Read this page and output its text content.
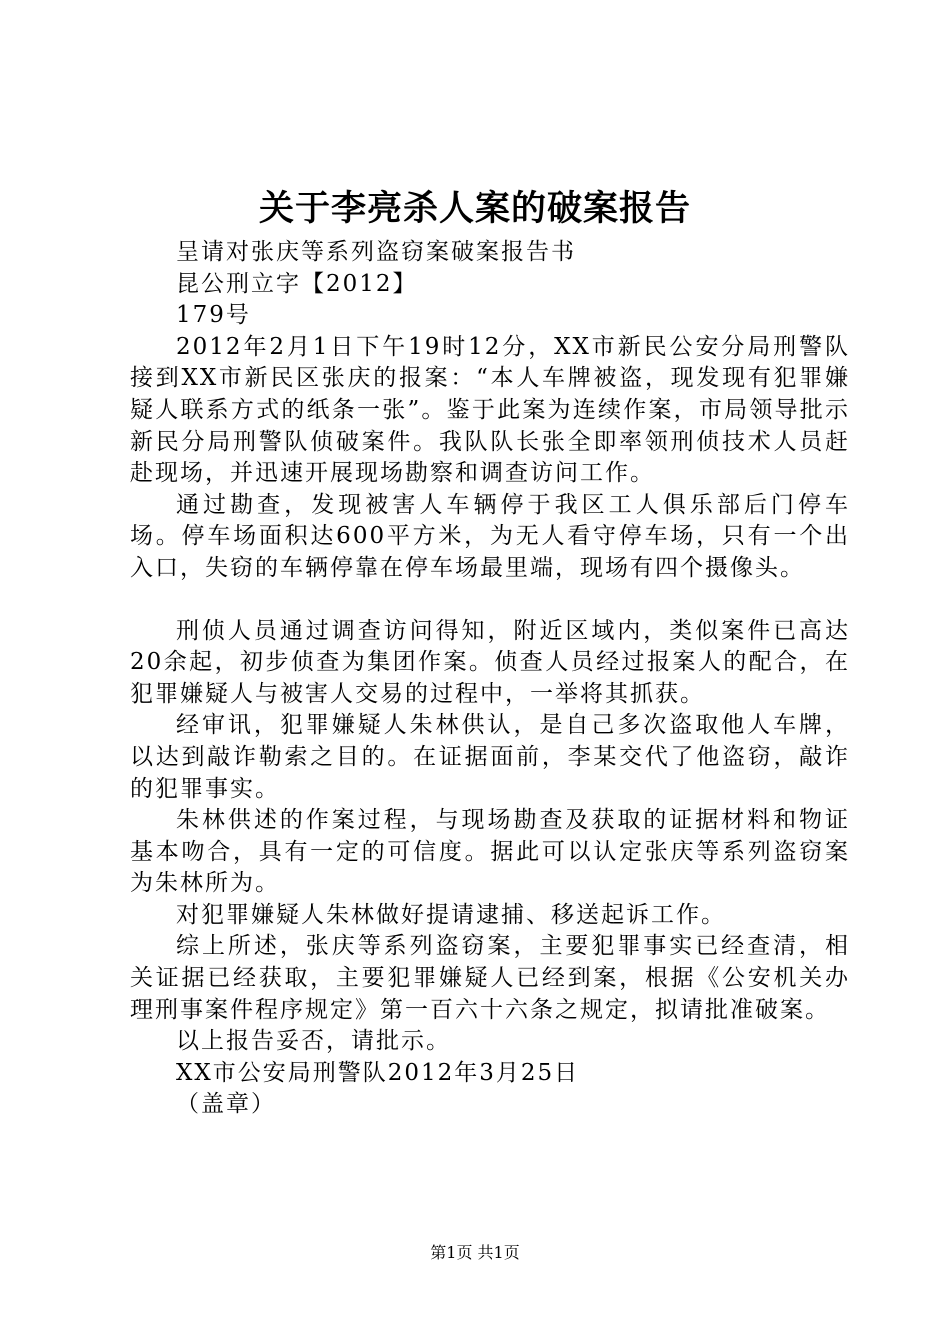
关于李亮杀人案的破案报告

呈请对张庆等系列盗窃案破案报告书

昆公刑立字【2012】

179号

2012年2月1日下午19时12分，XX市新民公安分局刑警队接到XX市新民区张庆的报案：“本人车牌被盗，现发现有犯罪嫌疑人联系方式的纸条一张”。鉴于此案为连续作案，市局领导批示新民分局刑警队侦破案件。我队队长张全即率领刑侦技术人员赶赴现场，并迅速开展现场勘察和调查访问工作。

通过勘查，发现被害人车辆停于我区工人俱乐部后门停车场。停车场面积达600平方米，为无人看守停车场，只有一个出入口，失窃的车辆停靠在停车场最里端，现场有四个摄像头。

刑侦人员通过调查访问得知，附近区域内，类似案件已高达20余起，初步侦查为集团作案。侦查人员经过报案人的配合，在犯罪嫌疑人与被害人交易的过程中，一举将其抓获。

经审讯，犯罪嫌疑人朱林供认，是自己多次盗取他人车牌，以达到敲诈勒索之目的。在证据面前，李某交代了他盗窃，敲诈的犯罪事实。

朱林供述的作案过程，与现场勘查及获取的证据材料和物证基本吻合，具有一定的可信度。据此可以认定张庆等系列盗窃案为朱林所为。

对犯罪嫌疑人朱林做好提请逮捕、移送起诉工作。

综上所述，张庆等系列盗窃案，主要犯罪事实已经查清，相关证据已经获取，主要犯罪嫌疑人已经到案，根据《公安机关办理刑事案件程序规定》第一百六十六条之规定，拟请批准破案。

以上报告妥否，请批示。

XX市公安局刑警队2012年3月25日

（盖章）

第1页 共1页
